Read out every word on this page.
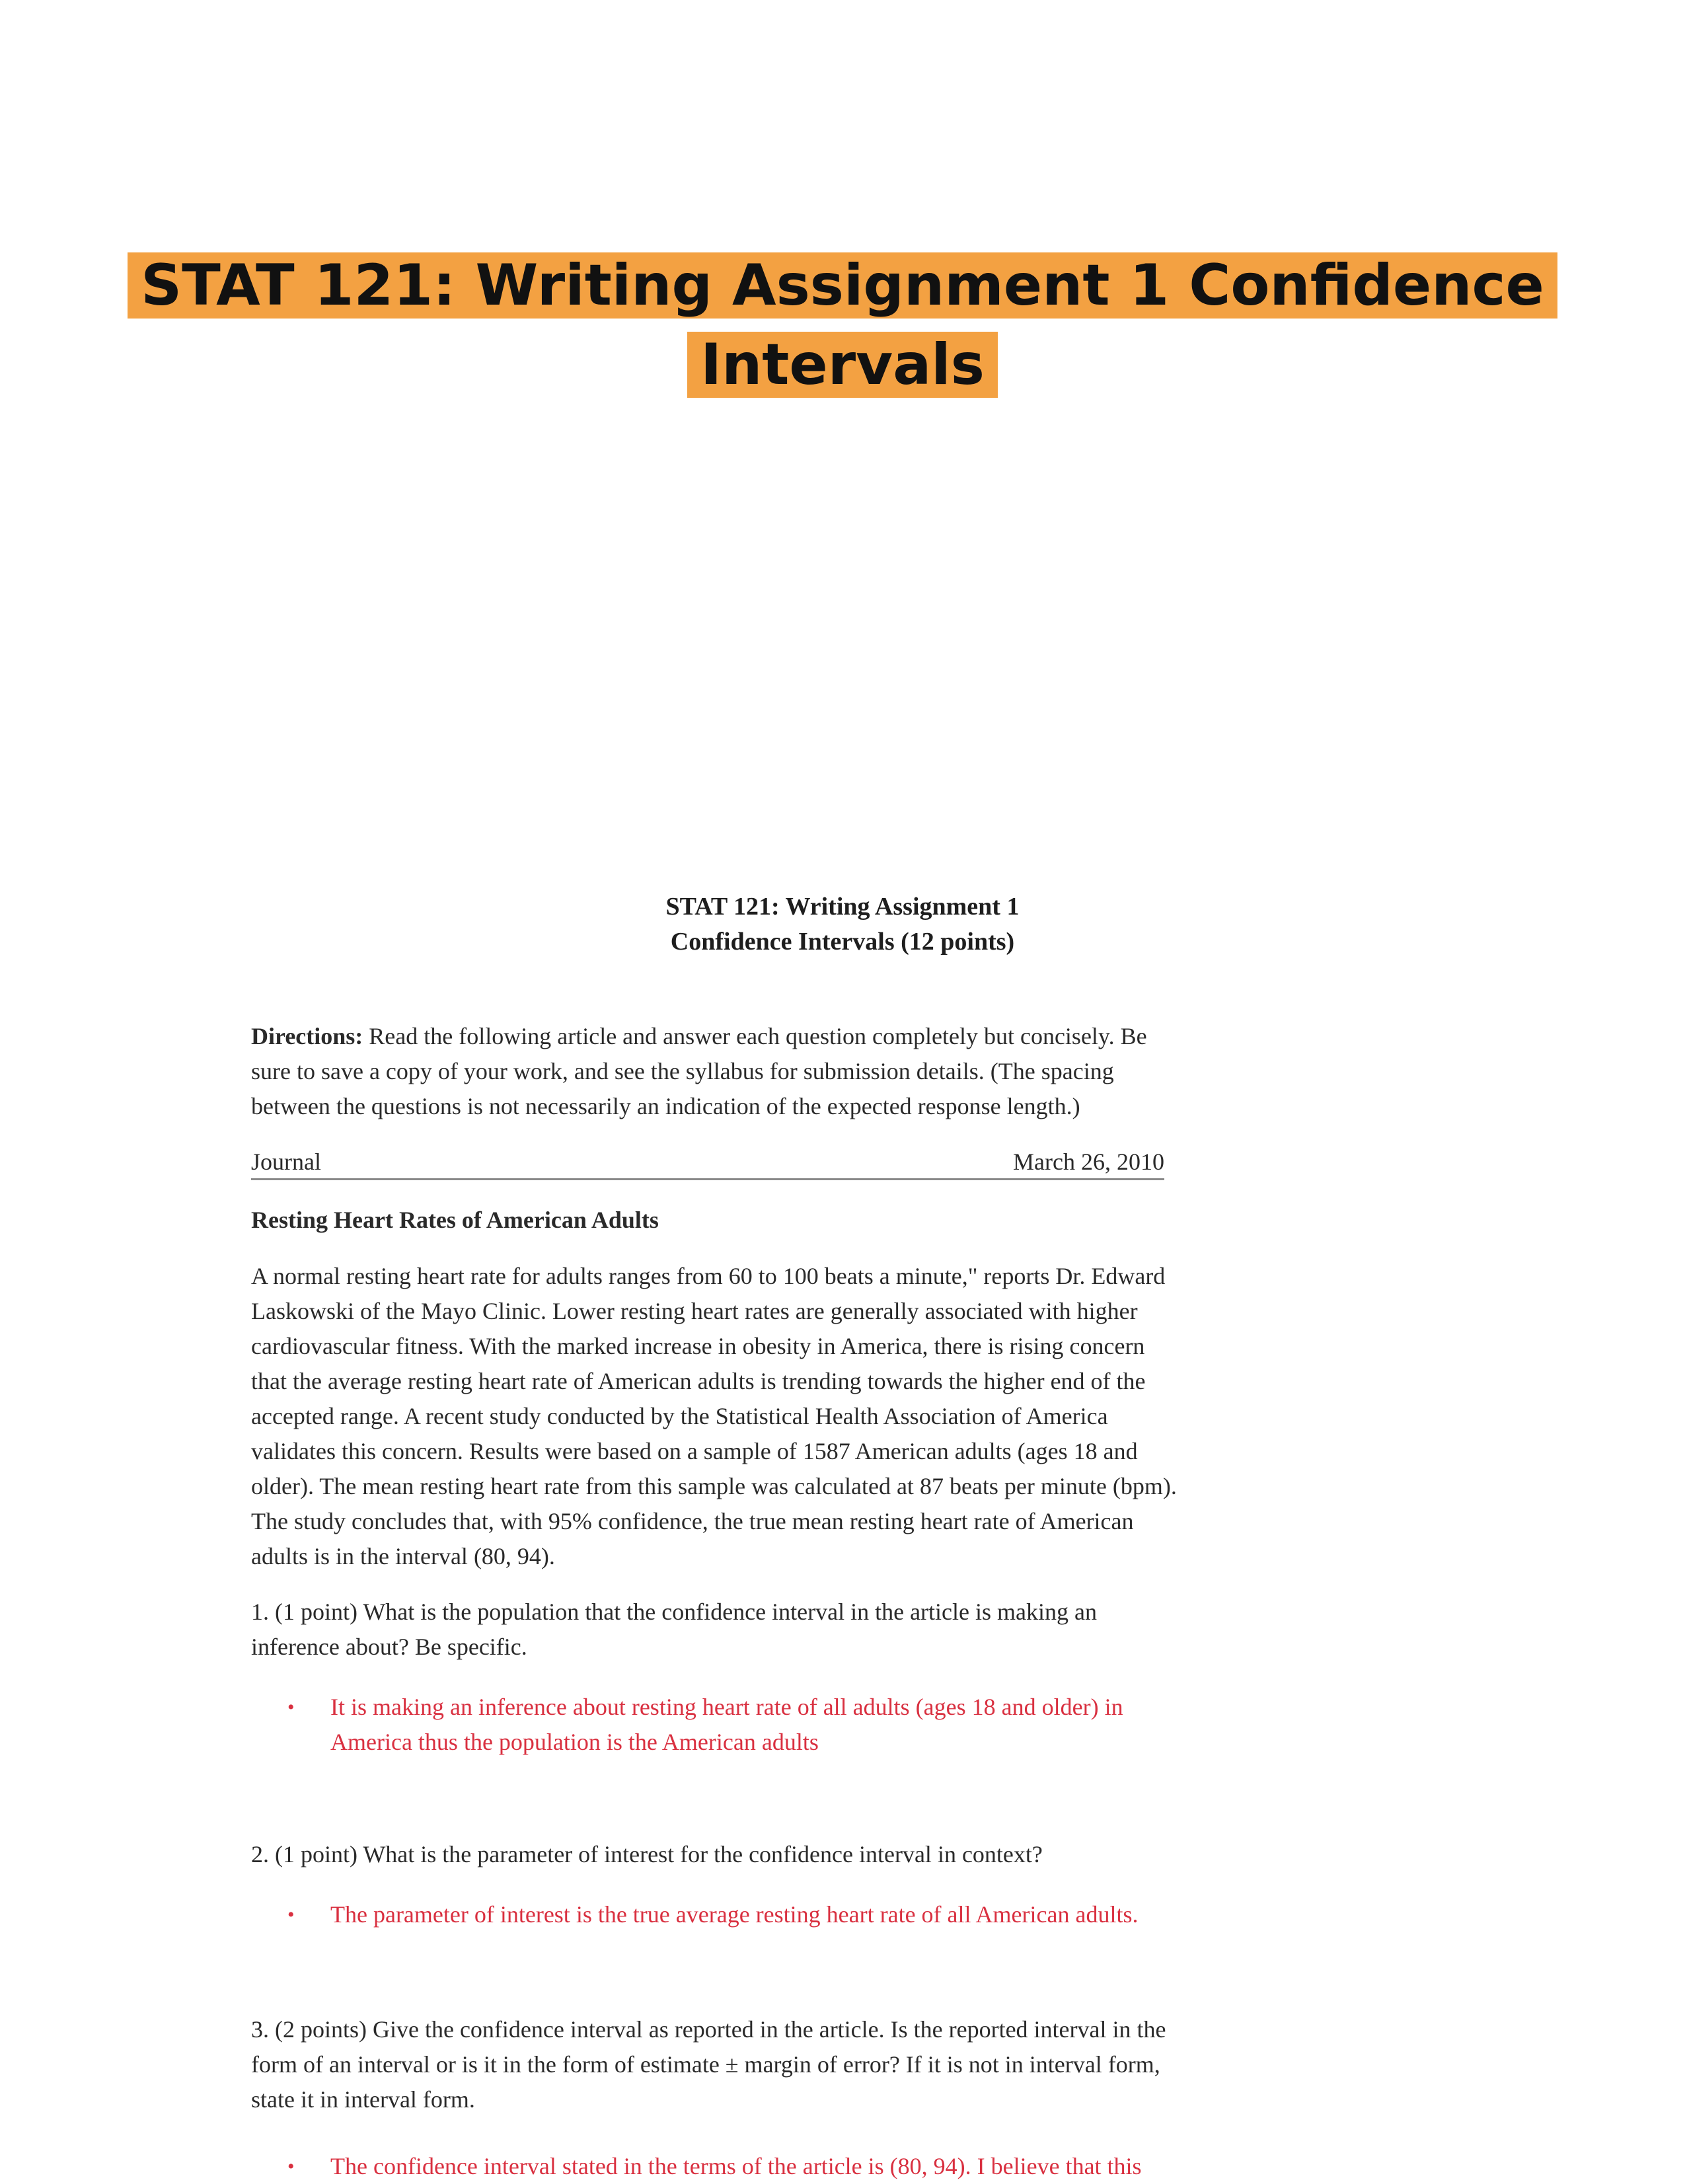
STAT 121: Writing Assignment 1 Confidence Intervals
STAT 121: Writing Assignment 1
Confidence Intervals (12 points)
Directions: Read the following article and answer each question completely but concisely. Be
sure to save a copy of your work, and see the syllabus for submission details. (The spacing
between the questions is not necessarily an indication of the expected response length.)
Journal	March 26, 2010
Resting Heart Rates of American Adults
A normal resting heart rate for adults ranges from 60 to 100 beats a minute," reports Dr. Edward
Laskowski of the Mayo Clinic. Lower resting heart rates are generally associated with higher
cardiovascular fitness. With the marked increase in obesity in America, there is rising concern
that the average resting heart rate of American adults is trending towards the higher end of the
accepted range. A recent study conducted by the Statistical Health Association of America
validates this concern. Results were based on a sample of 1587 American adults (ages 18 and
older). The mean resting heart rate from this sample was calculated at 87 beats per minute (bpm).
The study concludes that, with 95% confidence, the true mean resting heart rate of American
adults is in the interval (80, 94).
1. (1 point) What is the population that the confidence interval in the article is making an
inference about? Be specific.
• It is making an inference about resting heart rate of all adults (ages 18 and older) in
America thus the population is the American adults
2. (1 point) What is the parameter of interest for the confidence interval in context?
• The parameter of interest is the true average resting heart rate of all American adults.
3. (2 points) Give the confidence interval as reported in the article. Is the reported interval in the
form of an interval or is it in the form of estimate ± margin of error? If it is not in interval form,
state it in interval form.
• The confidence interval stated in the terms of the article is (80, 94). I believe that this
